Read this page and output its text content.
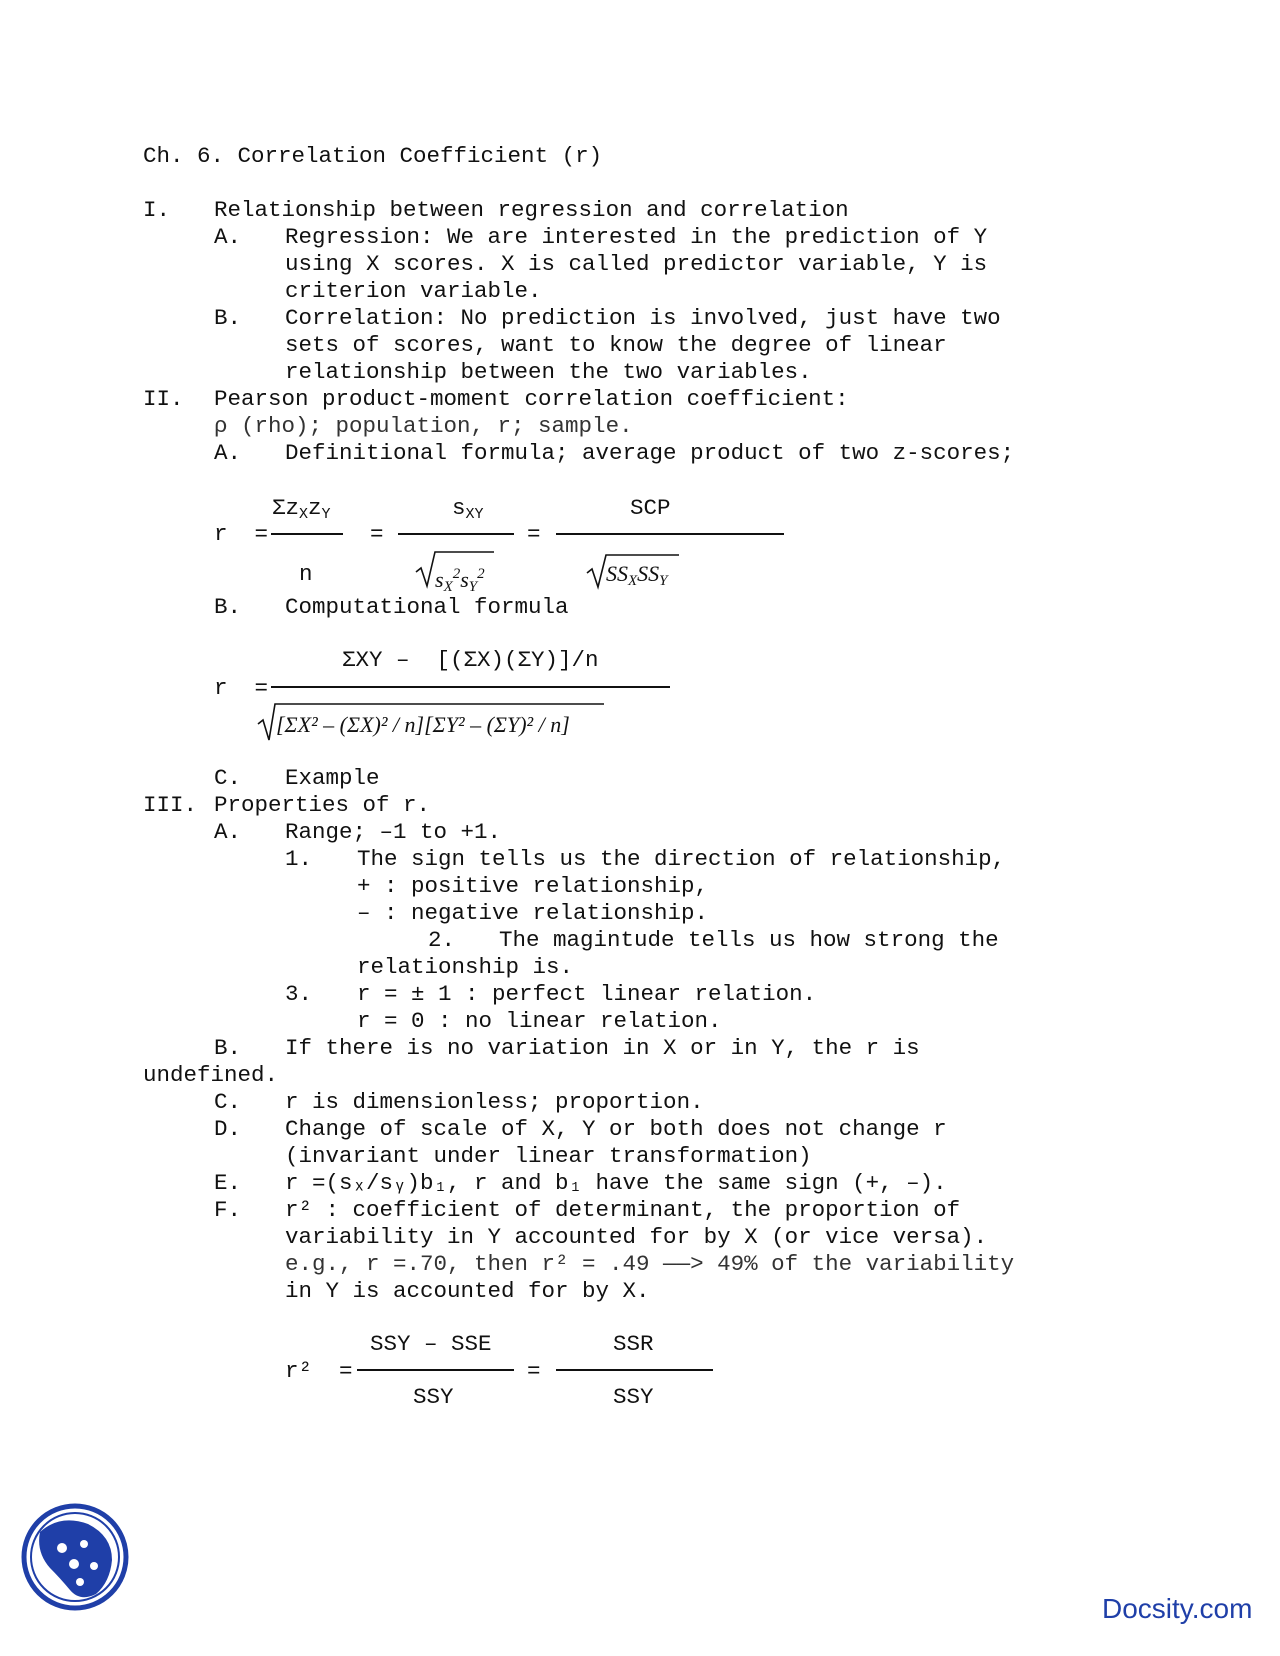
Ch. 6. Correlation Coefficient (r)
I. Relationship between regression and correlation
A. Regression: We are interested in the prediction of Y
using X scores. X is called predictor variable, Y is
criterion variable.
B. Correlation: No prediction is involved, just have two
sets of scores, want to know the degree of linear
relationship between the two variables.
II. Pearson product-moment correlation coefficient:
ρ (rho); population, r; sample.
A. Definitional formula; average product of two z-scores;
r  =
$\Sigma z_Xz_Y$
n
=
$s_{XY}$
$s_X^2s_Y^2$
=
SCP
$SS_XSS_Y$
B. Computational formula
r  =
ΣXY –  [(ΣX)(ΣY)]/n
[ΣX² – (ΣX)² / n][ΣY² – (ΣY)² / n]
C. Example
III. Properties of r.
A. Range; –1 to +1.
1. The sign tells us the direction of relationship,
+ : positive relationship,
– : negative relationship.
2. The magintude tells us how strong the
relationship is.
3. r = ± 1 : perfect linear relation.
r = 0 : no linear relation.
B. If there is no variation in X or in Y, the r is
undefined.
C. r is dimensionless; proportion.
D. Change of scale of X, Y or both does not change r
(invariant under linear transformation)
E. r =(sₓ/sᵧ)b₁, r and b₁ have the same sign (+, –).
F. r² : coefficient of determinant, the proportion of
variability in Y accounted for by X (or vice versa).
e.g., r =.70, then r² = .49 ——> 49% of the variability
in Y is accounted for by X.
r²  =
SSY – SSE
SSY
=
SSR
SSY
Docsity.com
